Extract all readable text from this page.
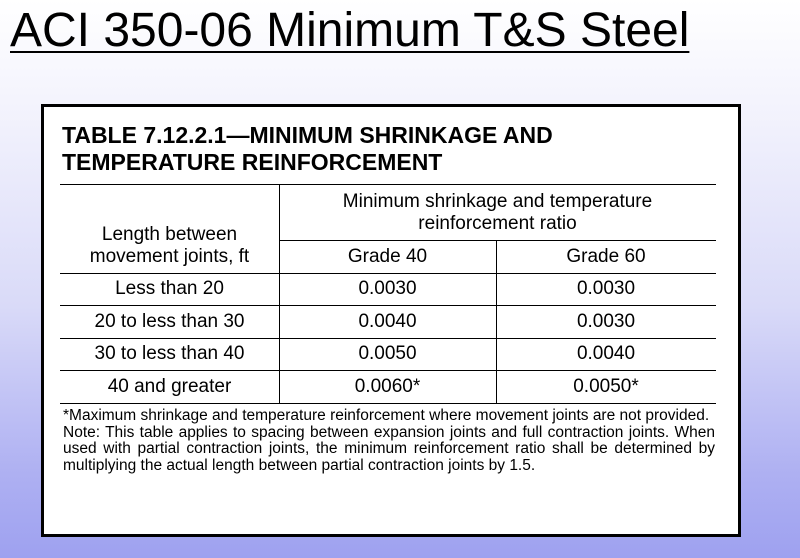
ACI 350-06 Minimum T&S Steel
TABLE 7.12.2.1—MINIMUM SHRINKAGE AND
TEMPERATURE REINFORCEMENT
Length between
movement joints, ft
Minimum shrinkage and temperature
reinforcement ratio
Grade 40	Grade 60
Less than 20	0.0030	0.0030
20 to less than 30	0.0040	0.0030
30 to less than 40	0.0050	0.0040
40 and greater	0.0060*	0.0050*

*Maximum shrinkage and temperature reinforcement where movement joints are not provided.

Note: This table applies to spacing between expansion joints and full contraction joints. When used with partial contraction joints, the minimum reinforcement ratio shall be determined by multiplying the actual length between partial contraction joints by 1.5.
